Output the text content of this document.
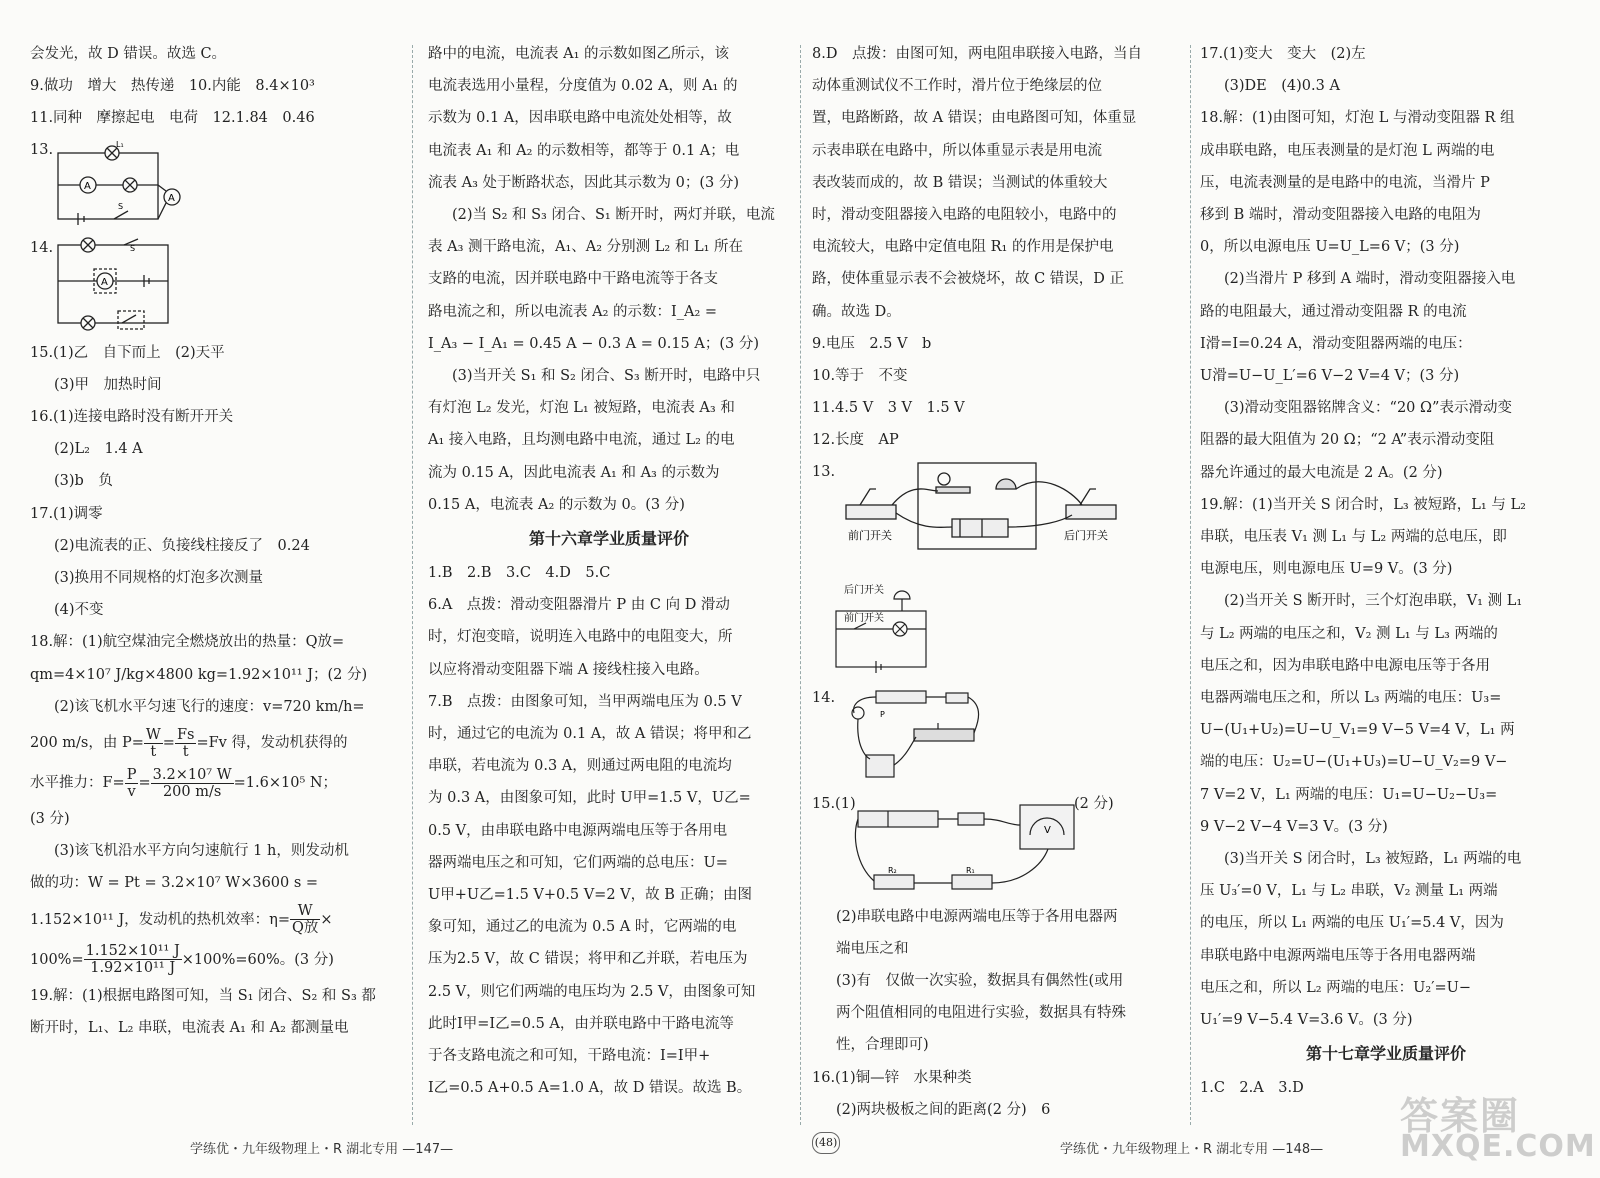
会发光，故 D 错误。故选 C。
9.做功　增大　热传递　10.内能　8.4×10³
11.同种　摩擦起电　电荷　12.1.84　0.46
13.
A
A
L₁
S
14.
A
S
15.(1)乙　自下而上　(2)天平
(3)甲　加热时间
16.(1)连接电路时没有断开开关
(2)L₂　1.4 A
(3)b　负
17.(1)调零
(2)电流表的正、负接线柱接反了　0.24
(3)换用不同规格的灯泡多次测量
(4)不变
18.解：(1)航空煤油完全燃烧放出的热量：Q放=
qm=4×10⁷ J/kg×4800 kg=1.92×10¹¹ J；(2 分)
(2)该飞机水平匀速飞行的速度：v=720 km/h=
200 m/s，由 $P= \frac{W}{t} = \frac{Fs}{t} =Fv$ 得，发动机获得的
水平推力：$F= \frac{P}{v} = \frac{\text{3.2×10⁷ W}}{200 m/s} =1.6\times 10^5$ N；
(3 分)
(3)该飞机沿水平方向匀速航行 1 h，则发动机
做的功：W = Pt = 3.2×10⁷ W×3600 s =
1.152×10¹¹ J，发动机的热机效率：$\eta= \frac{W}{\text{Q放}}$ ×
$100\%= \frac{\text{1.152×10¹¹ J}}{\text{1.92×10¹¹ J}} \times 100\%=60\%$。(3 分)
19.解：(1)根据电路图可知，当 S₁ 闭合、S₂ 和 S₃ 都
断开时，L₁、L₂ 串联，电流表 A₁ 和 A₂ 都测量电
路中的电流，电流表 A₁ 的示数如图乙所示，该
电流表选用小量程，分度值为 0.02 A，则 A₁ 的
示数为 0.1 A，因串联电路中电流处处相等，故
电流表 A₁ 和 A₂ 的示数相等，都等于 0.1 A；电
流表 A₃ 处于断路状态，因此其示数为 0；(3 分)
(2)当 S₂ 和 S₃ 闭合、S₁ 断开时，两灯并联，电流
表 A₃ 测干路电流，A₁、A₂ 分别测 L₂ 和 L₁ 所在
支路的电流，因并联电路中干路电流等于各支
路电流之和，所以电流表 A₂ 的示数：I_A₂ =
I_A₃ − I_A₁ = 0.45 A − 0.3 A = 0.15 A；(3 分)
(3)当开关 S₁ 和 S₂ 闭合、S₃ 断开时，电路中只
有灯泡 L₂ 发光，灯泡 L₁ 被短路，电流表 A₃ 和
A₁ 接入电路，且均测电路中电流，通过 L₂ 的电
流为 0.15 A，因此电流表 A₁ 和 A₃ 的示数为
0.15 A，电流表 A₂ 的示数为 0。(3 分)
第十六章学业质量评价
1.B　2.B　3.C　4.D　5.C
6.A　点拨：滑动变阻器滑片 P 由 C 向 D 滑动
时，灯泡变暗，说明连入电路中的电阻变大，所
以应将滑动变阻器下端 A 接线柱接入电路。
7.B　点拨：由图象可知，当甲两端电压为 0.5 V
时，通过它的电流为 0.1 A，故 A 错误；将甲和乙
串联，若电流为 0.3 A，则通过两电阻的电流均
为 0.3 A，由图象可知，此时 U甲=1.5 V，U乙=
0.5 V，由串联电路中电源两端电压等于各用电
器两端电压之和可知，它们两端的总电压：U=
U甲+U乙=1.5 V+0.5 V=2 V，故 B 正确；由图
象可知，通过乙的电流为 0.5 A 时，它两端的电
压为2.5 V，故 C 错误；将甲和乙并联，若电压为
2.5 V，则它们两端的电压均为 2.5 V，由图象可知
此时I甲=I乙=0.5 A，由并联电路中干路电流等
于各支路电流之和可知，干路电流：I=I甲+
I乙=0.5 A+0.5 A=1.0 A，故 D 错误。故选 B。
8.D　点拨：由图可知，两电阻串联接入电路，当自
动体重测试仪不工作时，滑片位于绝缘层的位
置，电路断路，故 A 错误；由电路图可知，体重显
示表串联在电路中，所以体重显示表是用电流
表改装而成的，故 B 错误；当测试的体重较大
时，滑动变阻器接入电路的电阻较小，电路中的
电流较大，电路中定值电阻 R₁ 的作用是保护电
路，使体重显示表不会被烧坏，故 C 错误，D 正
确。故选 D。
9.电压　2.5 V　b
10.等于　不变
11.4.5 V　3 V　1.5 V
12.长度　AP
13.
前门开关	后门开关
后门开关
前门开关
14.
P
15.(1)	(2 分)
V
R₂	R₁
(2)串联电路中电源两端电压等于各用电器两
端电压之和
(3)有　仅做一次实验，数据具有偶然性(或用
两个阻值相同的电阻进行实验，数据具有特殊
性，合理即可)
16.(1)铜—锌　水果种类
(2)两块极板之间的距离(2 分)　6
17.(1)变大　变大　(2)左
(3)DE　(4)0.3 A
18.解：(1)由图可知，灯泡 L 与滑动变阻器 R 组
成串联电路，电压表测量的是灯泡 L 两端的电
压，电流表测量的是电路中的电流，当滑片 P
移到 B 端时，滑动变阻器接入电路的电阻为
0，所以电源电压 U=U_L=6 V；(3 分)
(2)当滑片 P 移到 A 端时，滑动变阻器接入电
路的电阻最大，通过滑动变阻器 R 的电流
I滑=I=0.24 A，滑动变阻器两端的电压：
U滑=U−U_L′=6 V−2 V=4 V；(3 分)
(3)滑动变阻器铭牌含义：“20 Ω”表示滑动变
阻器的最大阻值为 20 Ω；“2 A”表示滑动变阻
器允许通过的最大电流是 2 A。(2 分)
19.解：(1)当开关 S 闭合时，L₃ 被短路，L₁ 与 L₂
串联，电压表 V₁ 测 L₁ 与 L₂ 两端的总电压，即
电源电压，则电源电压 U=9 V。(3 分)
(2)当开关 S 断开时，三个灯泡串联，V₁ 测 L₁
与 L₂ 两端的电压之和，V₂ 测 L₁ 与 L₃ 两端的
电压之和，因为串联电路中电源电压等于各用
电器两端电压之和，所以 L₃ 两端的电压：U₃=
U−(U₁+U₂)=U−U_V₁=9 V−5 V=4 V，L₁ 两
端的电压：U₂=U−(U₁+U₃)=U−U_V₂=9 V−
7 V=2 V，L₁ 两端的电压：U₁=U−U₂−U₃=
9 V−2 V−4 V=3 V。(3 分)
(3)当开关 S 闭合时，L₃ 被短路，L₁ 两端的电
压 U₃′=0 V，L₁ 与 L₂ 串联，V₂ 测量 L₁ 两端
的电压，所以 L₁ 两端的电压 U₁′=5.4 V，因为
串联电路中电源两端电压等于各用电器两端
电压之和，所以 L₂ 两端的电压：U₂′=U−
U₁′=9 V−5.4 V=3.6 V。(3 分)
第十七章学业质量评价
1.C　2.A　3.D
学练优・九年级物理上・R 湖北专用 —147—	(48)	学练优・九年级物理上・R 湖北专用 —148—
答案圈
MXQE.COM
